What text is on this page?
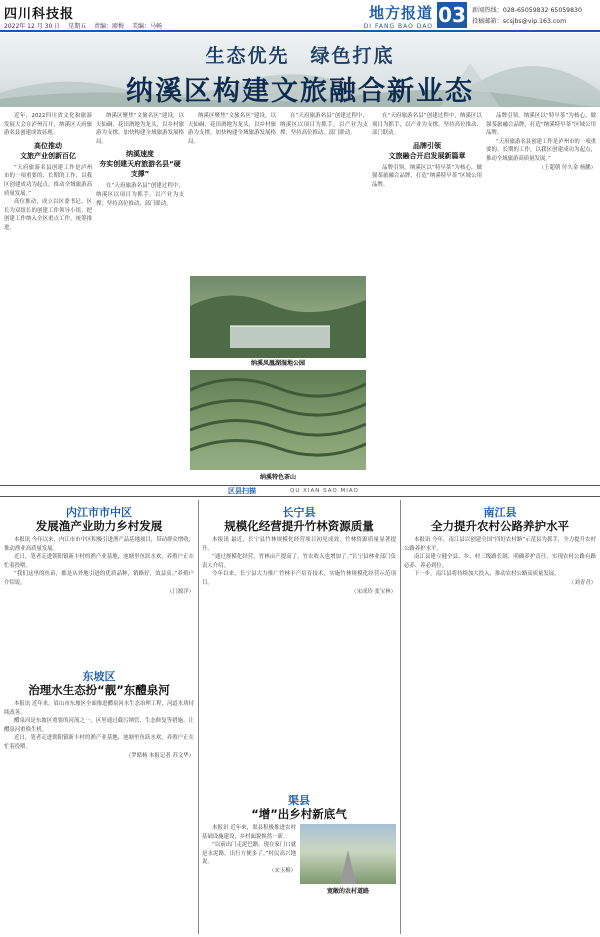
四川科技报
2022年 12 月 30 日 星期五 责编：廖梅 美编：马畅
地方报道
DI FANG BAO DAO 03 新闻热线：028-65059832 65059830
投稿邮箱：scsjbs@vip.163.com
生态优先　绿色打底
纳溪区构建文旅融合新业态

近年，2022四川省文化和旅游发展大会在泸州召开，纳溪区天府旅游名县创建成效显现。

高位推动
文旅产业创新百亿

“天府旅游名县创建工作是泸州市的一项重要的、长期的工作，以我区创建成功为起点，推动全域旅游高质量发展。”

高位推动，成立以区委书记、区长为双组长的创建工作领导小组，把创建工作纳入全区重点工作，统筹推进。

纳溪区聚焦“文旅名区”建设，以天仙硐、花田酒地为龙头，以乡村旅游为支撑，加快构建全域旅游发展格局。

纳溪速度
夯实创建天府旅游名县“硬支撑”

在“天府旅游名县”创建过程中，纳溪区以项目为抓手，以产业为支撑，坚持高位推动、部门联动。

纳溪区聚焦“文旅名区”建设，以天仙硐、花田酒地为龙头，以乡村旅游为支撑，加快构建全域旅游发展格局。

在“天府旅游名县”创建过程中，纳溪区以项目为抓手，以产业为支撑，坚持高位推动、部门联动。

纳溪凤凰湖湿地公园
纳溪特色茶山

在“天府旅游名县”创建过程中，纳溪区以项目为抓手，以产业为支撑，坚持高位推动、部门联动。

品牌引领
文旅融合开启发展新篇章

品牌引领，纳溪区以“特早茶”为核心，做强茶旅融合品牌，打造“纳溪特早茶”区域公用品牌。

品牌引领，纳溪区以“特早茶”为核心，做强茶旅融合品牌，打造“纳溪特早茶”区域公用品牌。

“天府旅游名县创建工作是泸州市的一项重要的、长期的工作，以我区创建成功为起点，推动全域旅游高质量发展。”

（王超朝 付久金 杨鹏）

区县扫描	QU XIAN SAO MIAO
内江市市中区
发展渔产业助力乡村发展

本报讯 今年以来，内江市市中区积极引进渔产品基地项目，带动群众增收，推动渔业高质量发展。

近日，笔者走进朝阳镇新丰村的渔产业基地，池塘里鱼跃水欢，养殖户正在忙着投喂。

“我们这里的鱼苗，都是从外地引进的优质品种，销路好，效益高。”养殖户介绍说。

（门源洋）

东坡区
治理水生态扮“靓”东醴泉河

本报讯 近年来，眉山市东坡区全面推进醴泉河水生态治理工程，河道水质持续改善。

醴泉河是东坡区重要的河流之一，区里通过截污纳管、生态修复等措施，让醴泉河重焕生机。

近日，笔者走进朝阳镇新丰村的渔产业基地，池塘里鱼跃水欢，养殖户正在忙着投喂。

（罗皓杨 本报记者 苏文华）

长宁县
规模化经营提升竹林资源质量

本报讯 最近，长宁县竹林规模化经营项目初见成效，竹林资源质量显著提升。

“通过规模化经营，竹林亩产提高了，竹农收入也增加了。”长宁县林业部门负责人介绍。

今年以来，长宁县大力推广竹林丰产培育技术，实施竹林规模化经营示范项目。

（宋成玲 张宝林）

渠县
“增”出乡村新底气
宽敞的农村道路

本报讯 近年来，渠县积极推进农村基础设施建设，乡村面貌焕然一新。

“以前出门走泥巴路，现在家门口就是水泥路，出行方便多了。”村民高兴地说。

（宋玉梅）

南江县
全力提升农村公路养护水平

本报讯 今年，南江县以创建全国“四好农村路”示范县为抓手，全力提升农村公路养护水平。

南江县建立健全县、乡、村三级路长制，明确养护责任，实现农村公路有路必养、养必到位。

下一步，南江县将持续加大投入，推动农村公路高质量发展。

（刘青青）
